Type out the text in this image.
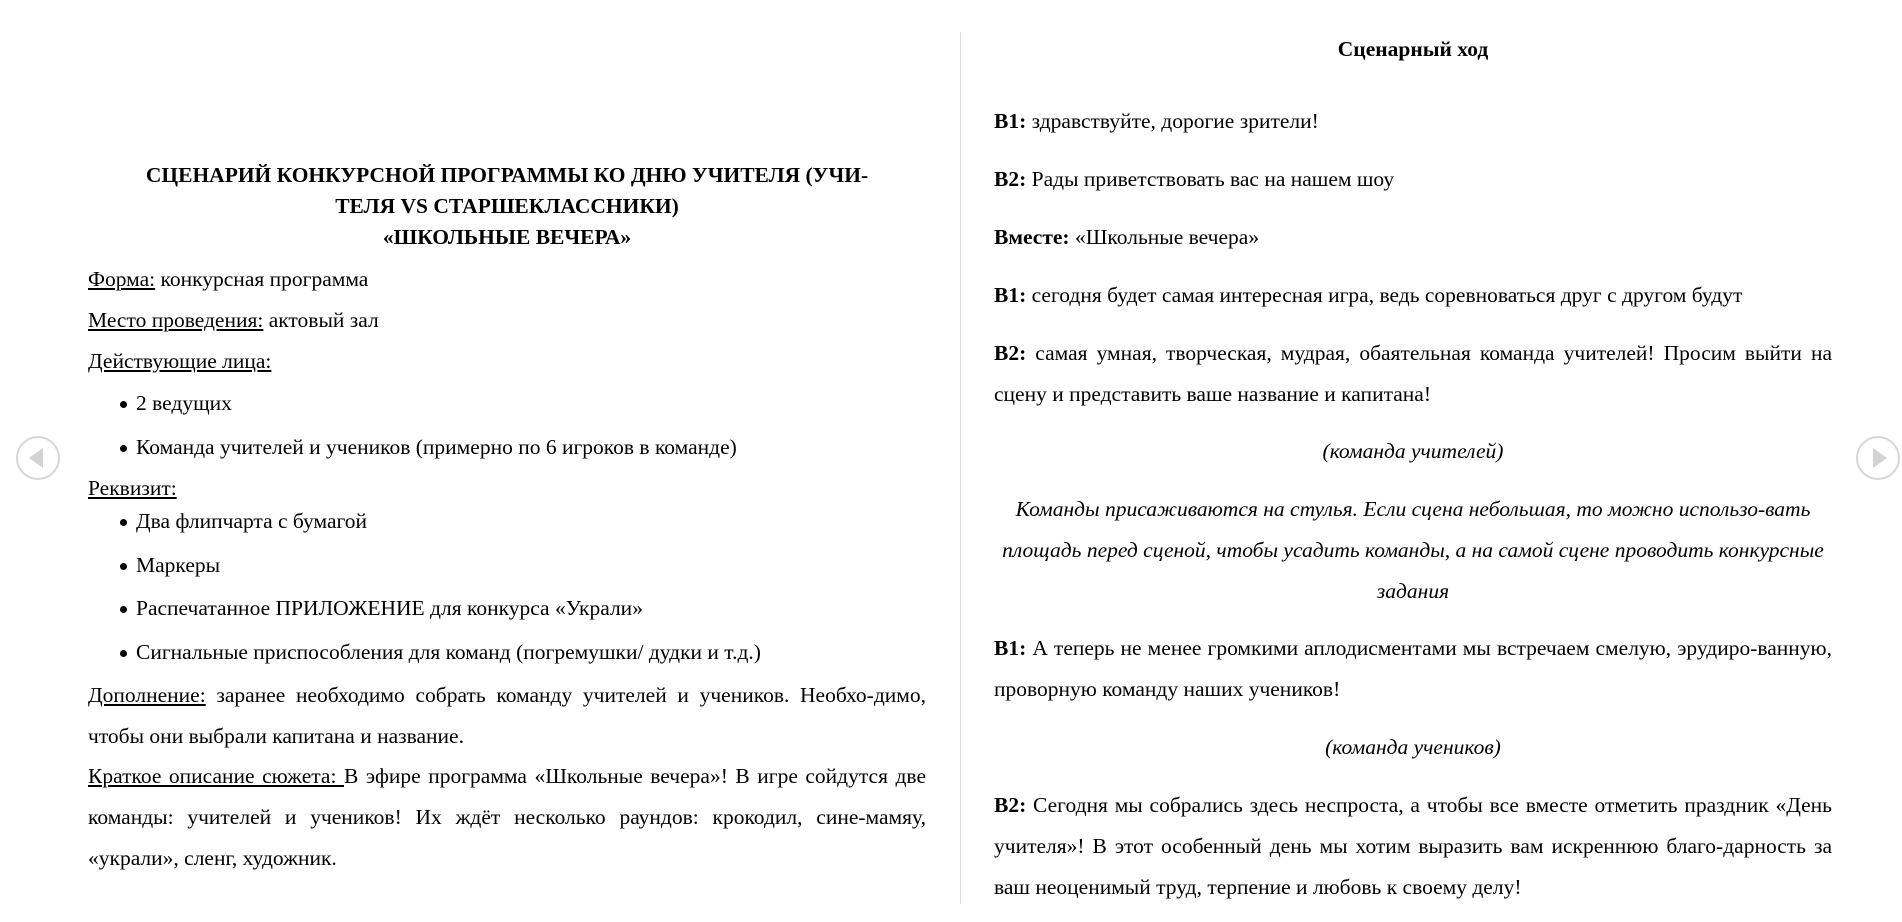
СЦЕНАРИЙ КОНКУРСНОЙ ПРОГРАММЫ КО ДНЮ УЧИТЕЛЯ (УЧИ-
ТЕЛЯ VS СТАРШЕКЛАССНИКИ)
«ШКОЛЬНЫЕ ВЕЧЕРА»
Форма: конкурсная программа
Место проведения: актовый зал
Действующие лица:
2 ведущих
Команда учителей и учеников (примерно по 6 игроков в команде)
Реквизит:
Два флипчарта с бумагой
Маркеры
Распечатанное ПРИЛОЖЕНИЕ для конкурса «Украли»
Сигнальные приспособления для команд (погремушки/ дудки и т.д.)
Дополнение: заранее необходимо собрать команду учителей и учеников. Необхо-димо, чтобы они выбрали капитана и название.
Краткое описание сюжета: В эфире программа «Школьные вечера»! В игре сойдутся две команды: учителей и учеников! Их ждёт несколько раундов: крокодил, сине-мамяу, «украли», сленг, художник.
Сценарный ход
В1: здравствуйте, дорогие зрители!
В2: Рады приветствовать вас на нашем шоу
Вместе: «Школьные вечера»
В1: сегодня будет самая интересная игра, ведь соревноваться друг с другом будут
В2: самая умная, творческая, мудрая, обаятельная команда учителей! Просим выйти на сцену и представить ваше название и капитана!
(команда учителей)
Команды присаживаются на стулья. Если сцена небольшая, то можно использо-вать площадь перед сценой, чтобы усадить команды, а на самой сцене проводить конкурсные задания
В1: А теперь не менее громкими аплодисментами мы встречаем смелую, эрудиро-ванную, проворную команду наших учеников!
(команда учеников)
В2: Сегодня мы собрались здесь неспроста, а чтобы все вместе отметить праздник «День учителя»! В этот особенный день мы хотим выразить вам искреннюю благо-дарность за ваш неоценимый труд, терпение и любовь к своему делу!
